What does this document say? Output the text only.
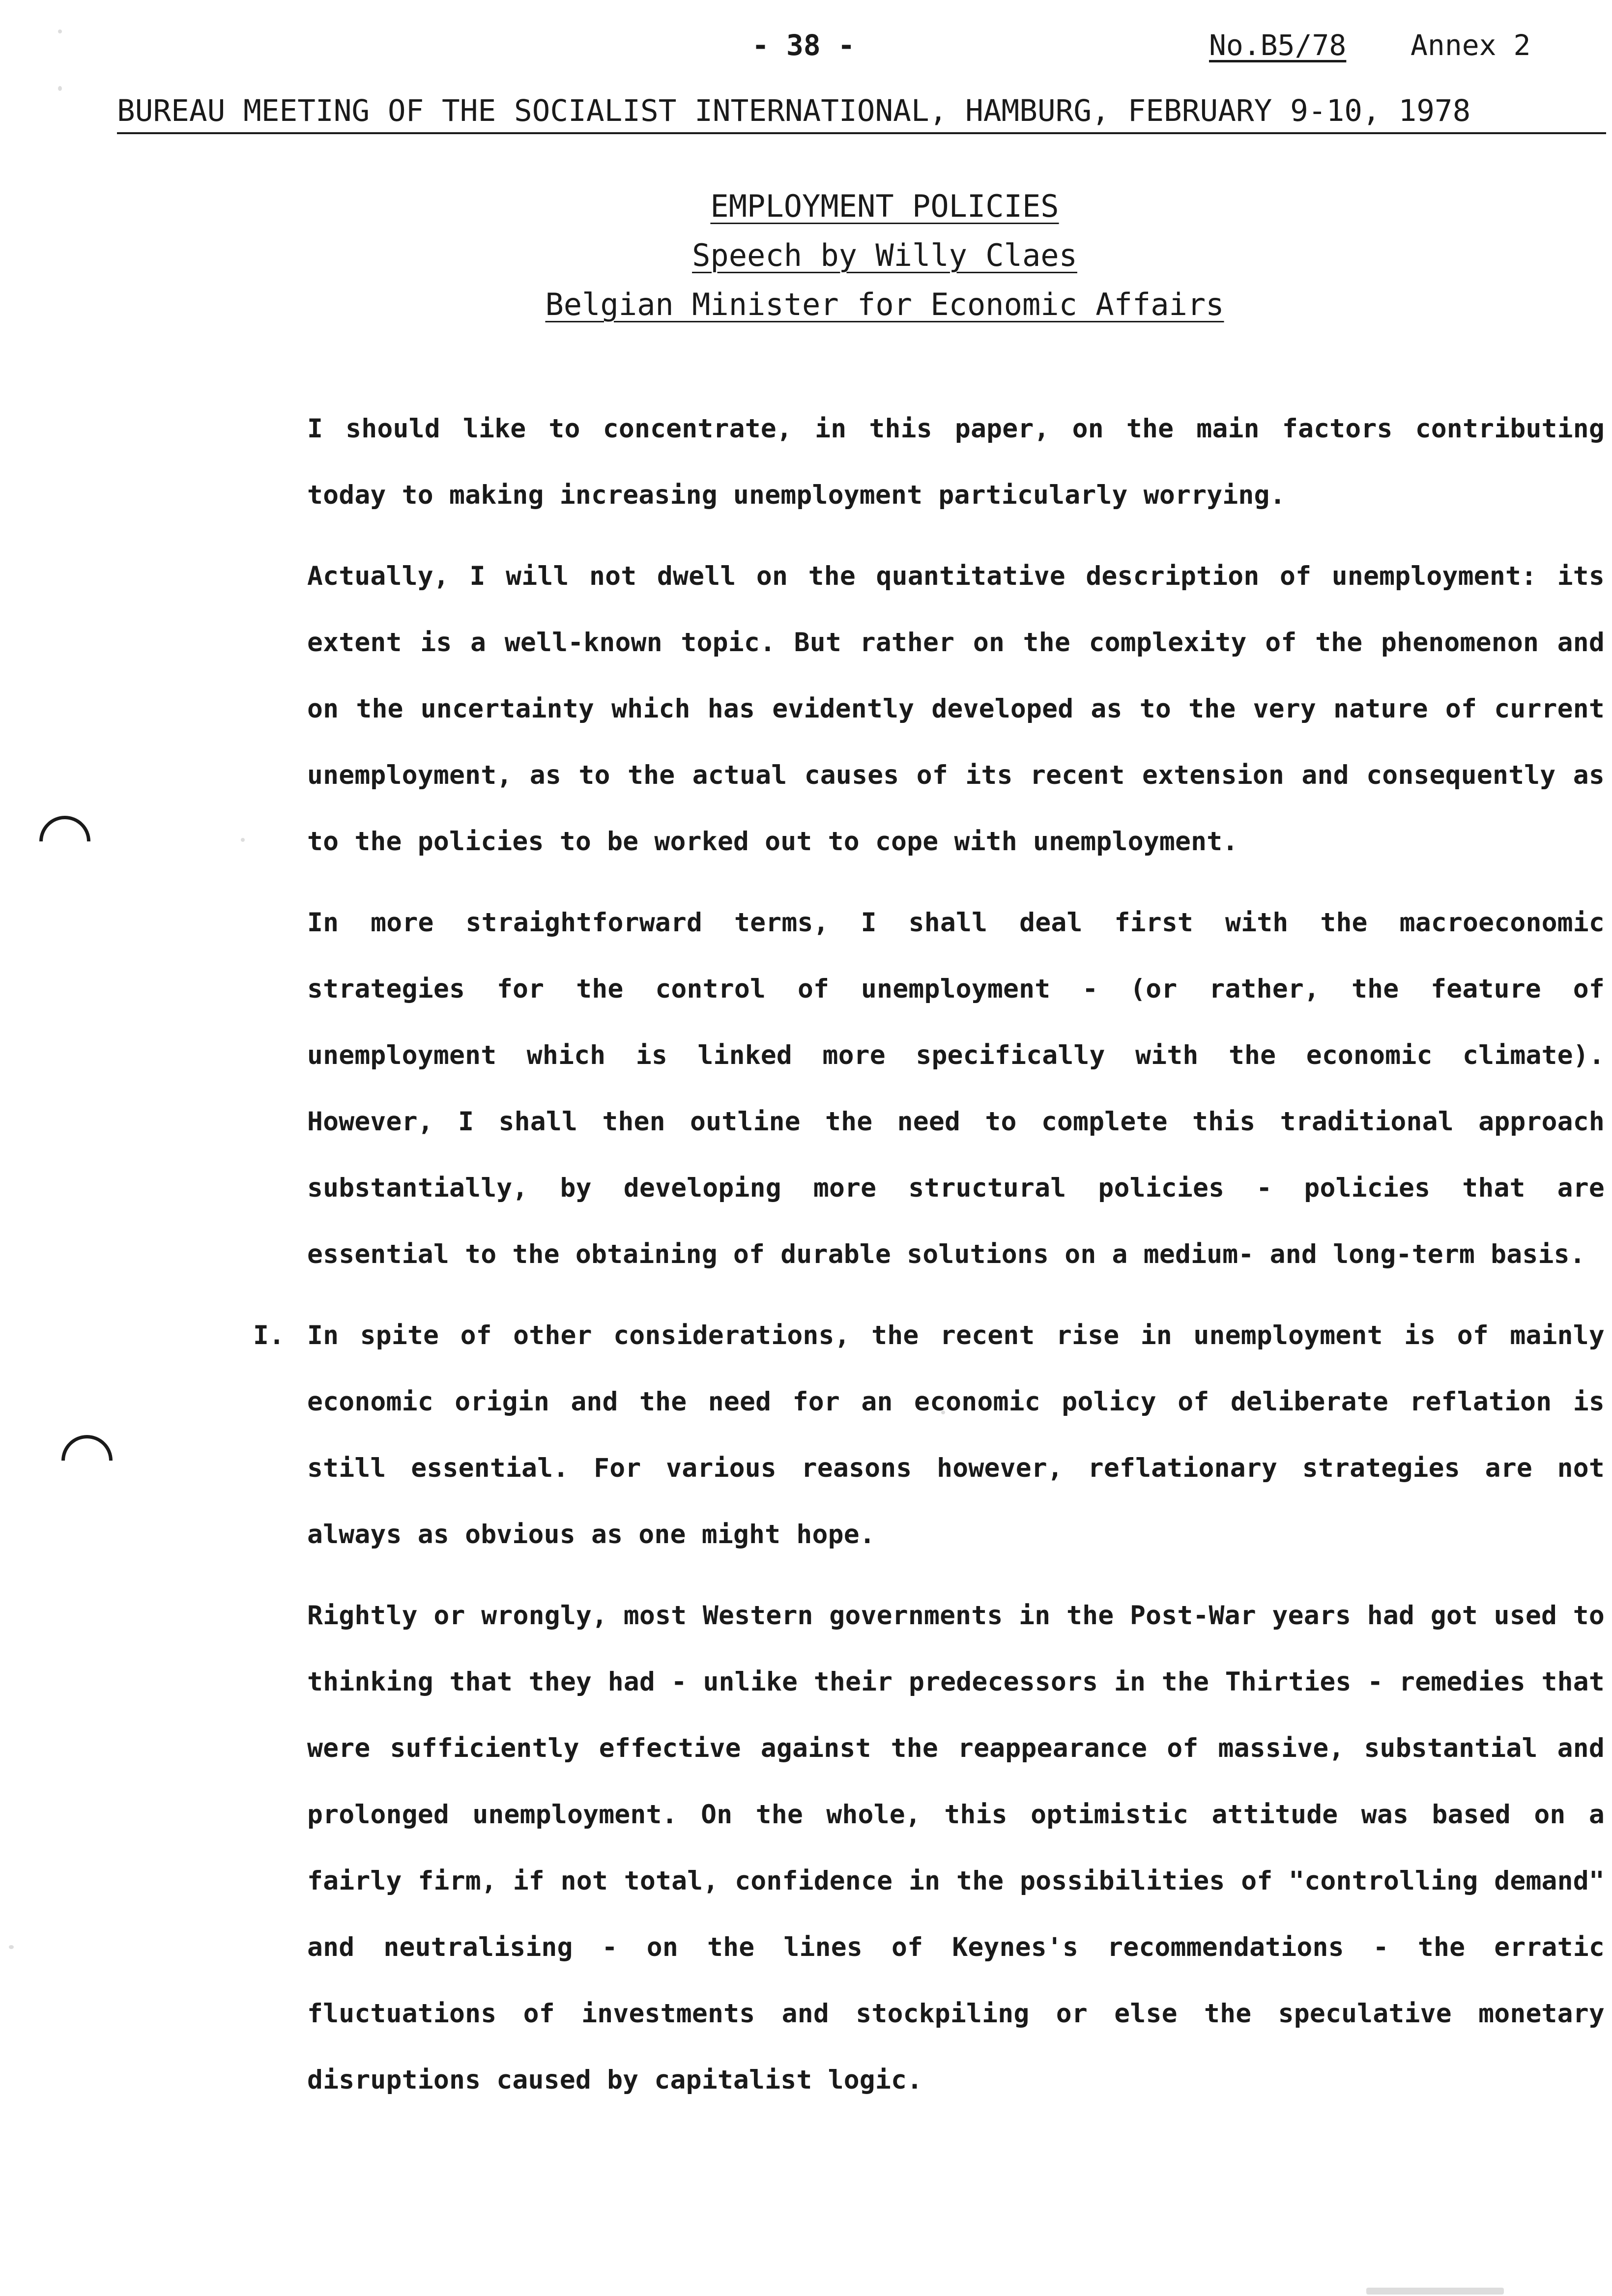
- 38 -	No.B5/78 Annex 2
BUREAU MEETING OF THE SOCIALIST INTERNATIONAL, HAMBURG, FEBRUARY 9-10, 1978
EMPLOYMENT POLICIES
Speech by Willy Claes
Belgian Minister for Economic Affairs

I should like to concentrate, in this paper, on the main factors contributing today to making increasing unemployment particularly worrying.

Actually, I will not dwell on the quantitative description of unemployment: its extent is a well-known topic. But rather on the complexity of the phenomenon and on the uncertainty which has evidently developed as to the very nature of current unemployment, as to the actual causes of its recent extension and consequently as to the policies to be worked out to cope with unemployment.

In more straightforward terms, I shall deal first with the macroeconomic strategies for the control of unemployment - (or rather, the feature of unemployment which is linked more specifically with the economic climate). However, I shall then outline the need to complete this traditional approach substantially, by developing more structural policies - policies that are essential to the obtaining of durable solutions on a medium- and long-term basis.

I. In spite of other considerations, the recent rise in unemployment is of mainly economic origin and the need for an economic policy of deliberate reflation is still essential. For various reasons however, reflationary strategies are not always as obvious as one might hope.

Rightly or wrongly, most Western governments in the Post-War years had got used to thinking that they had - unlike their predecessors in the Thirties - remedies that were sufficiently effective against the reappearance of massive, substantial and prolonged unemployment. On the whole, this optimistic attitude was based on a fairly firm, if not total, confidence in the possibilities of "controlling demand" and neutralising - on the lines of Keynes's recommendations - the erratic fluctuations of investments and stockpiling or else the speculative monetary disruptions caused by capitalist logic.
